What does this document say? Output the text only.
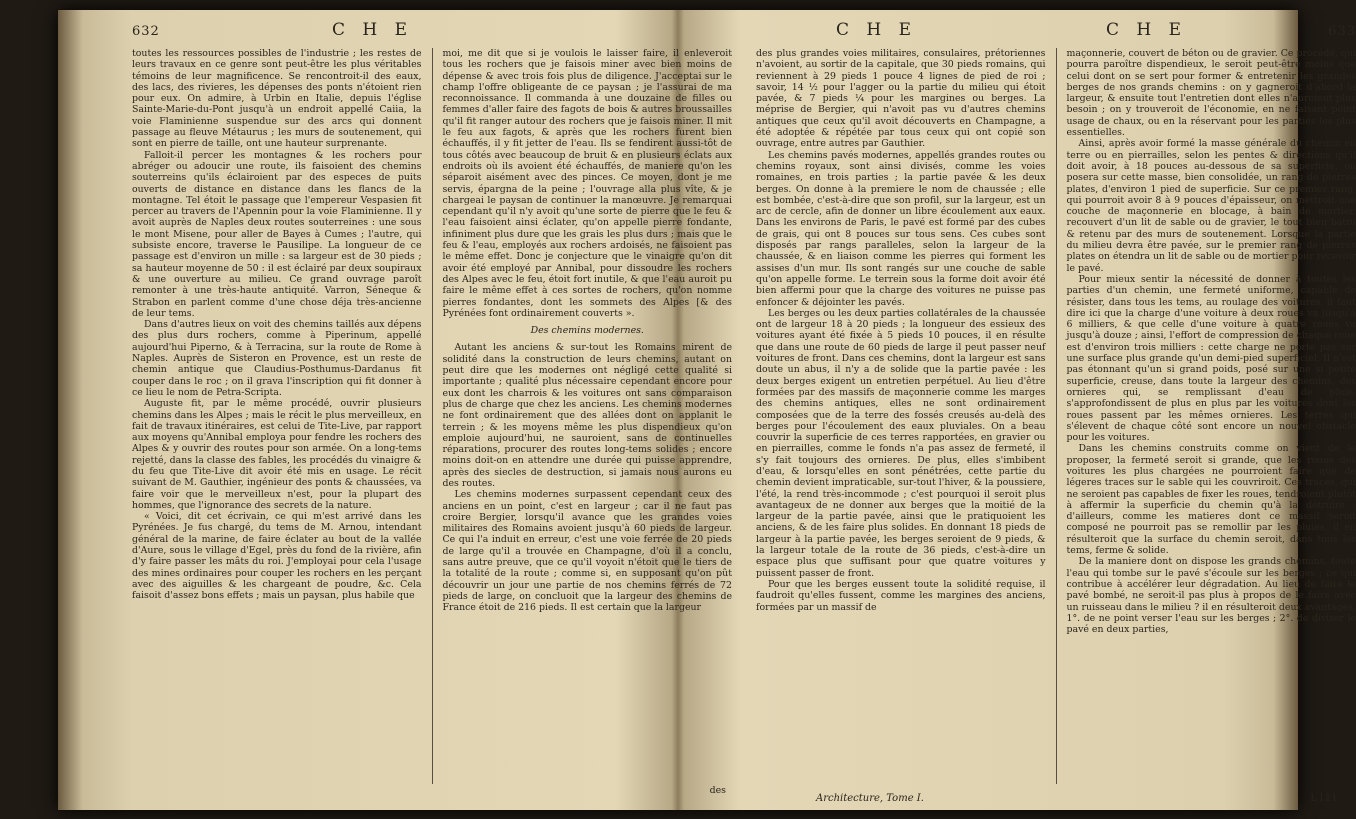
632	C H E

toutes les ressources possibles de l'industrie ; les restes de leurs travaux en ce genre sont peut-être les plus véritables témoins de leur magnificence. Se rencontroit-il des eaux, des lacs, des rivieres, les dépenses des ponts n'étoient rien pour eux. On admire, à Urbin en Italie, depuis l'église Sainte-Marie-du-Pont jusqu'à un endroit appellé Caiia, la voie Flaminienne suspendue sur des arcs qui donnent passage au fleuve Métaurus ; les murs de soutenement, qui sont en pierre de taille, ont une hauteur surprenante.

Falloit-il percer les montagnes & les rochers pour abréger ou adoucir une route, ils faisoient des chemins souterreins qu'ils éclairoient par des especes de puits ouverts de distance en distance dans les flancs de la montagne. Tel étoit le passage que l'empereur Vespasien fit percer au travers de l'Apennin pour la voie Flaminienne. Il y avoit auprès de Naples deux routes souterreines : une sous le mont Misene, pour aller de Bayes à Cumes ; l'autre, qui subsiste encore, traverse le Pausilipe. La longueur de ce passage est d'environ un mille : sa largeur est de 30 pieds ; sa hauteur moyenne de 50 : il est éclairé par deux soupiraux & une ouverture au milieu. Ce grand ouvrage paroît remonter à une très-haute antiquité. Varron, Séneque & Strabon en parlent comme d'une chose déja très-ancienne de leur tems.

Dans d'autres lieux on voit des chemins taillés aux dépens des plus durs rochers, comme à Piperinum, appellé aujourd'hui Piperno, & à Terracina, sur la route de Rome à Naples. Auprès de Sisteron en Provence, est un reste de chemin antique que Claudius-Posthumus-Dardanus fit couper dans le roc ; on il grava l'inscription qui fit donner à ce lieu le nom de Petra-Scripta.

Auguste fit, par le même procédé, ouvrir plusieurs chemins dans les Alpes ; mais le récit le plus merveilleux, en fait de travaux itinéraires, est celui de Tite-Live, par rapport aux moyens qu'Annibal employa pour fendre les rochers des Alpes & y ouvrir des routes pour son armée. On a long-tems rejetté, dans la classe des fables, les procédés du vinaigre & du feu que Tite-Live dit avoir été mis en usage. Le récit suivant de M. Gauthier, ingénieur des ponts & chaussées, va faire voir que le merveilleux n'est, pour la plupart des hommes, que l'ignorance des secrets de la nature.

« Voici, dit cet écrivain, ce qui m'est arrivé dans les Pyrénées. Je fus chargé, du tems de M. Arnou, intendant général de la marine, de faire éclater au bout de la vallée d'Aure, sous le village d'Egel, près du fond de la rivière, afin d'y faire passer les mâts du roi. J'employai pour cela l'usage des mines ordinaires pour couper les rochers en les perçant avec des aiguilles & les chargeant de poudre, &c. Cela faisoit d'assez bons effets ; mais un paysan, plus habile que

moi, me dit que si je voulois le laisser faire, il enleveroit tous les rochers que je faisois miner avec bien moins de dépense & avec trois fois plus de diligence. J'acceptai sur le champ l'offre obligeante de ce paysan ; je l'assurai de ma reconnoissance. Il commanda à une douzaine de filles ou femmes d'aller faire des fagots de bois & autres broussailles qu'il fit ranger autour des rochers que je faisois miner. Il mit le feu aux fagots, & après que les rochers furent bien échauffés, il y fit jetter de l'eau. Ils se fendirent aussi-tôt de tous côtés avec beaucoup de bruit & en plusieurs éclats aux endroits où ils avoient été échauffés, de maniere qu'on les séparoit aisément avec des pinces. Ce moyen, dont je me servis, épargna de la peine ; l'ouvrage alla plus vîte, & je chargeai le paysan de continuer la manœuvre. Je remarquai cependant qu'il n'y avoit qu'une sorte de pierre que le feu & l'eau faisoient ainsi éclater, qu'on appelle pierre fondante, infiniment plus dure que les grais les plus durs ; mais que le feu & l'eau, employés aux rochers ardoisés, ne faisoient pas le même effet. Donc je conjecture que le vinaigre qu'on dit avoir été employé par Annibal, pour dissoudre les rochers des Alpes avec le feu, étoit fort inutile, & que l'eau auroit pu faire le même effet à ces sortes de rochers, qu'on nomme pierres fondantes, dont les sommets des Alpes [& des Pyrénées font ordinairement couverts ».

Des chemins modernes.

Autant les anciens & sur-tout les Romains mirent de solidité dans la construction de leurs chemins, autant on peut dire que les modernes ont négligé cette qualité si importante ; qualité plus nécessaire cependant encore pour eux dont les charrois & les voitures ont sans comparaison plus de charge que chez les anciens. Les chemins modernes ne font ordinairement que des allées dont on applanit le terrein ; & les moyens même les plus dispendieux qu'on emploie aujourd'hui, ne sauroient, sans de continuelles réparations, procurer des routes long-tems solides ; encore moins doit-on en attendre une durée qui puisse apprendre, après des siecles de destruction, si jamais nous aurons eu des routes.

Les chemins modernes surpassent cependant ceux des anciens en un point, c'est en largeur ; car il ne faut pas croire Bergier, lorsqu'il avance que les grandes voies militaires des Romains avoient jusqu'à 60 pieds de largeur. Ce qui l'a induit en erreur, c'est une voie ferrée de 20 pieds de large qu'il a trouvée en Champagne, d'où il a conclu, sans autre preuve, que ce qu'il voyoit n'étoit que le tiers de la totalité de la route ; comme si, en supposant qu'on pût découvrir un jour une partie de nos chemins ferrés de 72 pieds de large, on concluoit que la largeur des chemins de France étoit de 216 pieds. Il est certain que la largeur

des
C H E	C H E	633

des plus grandes voies militaires, consulaires, prétoriennes n'avoient, au sortir de la capitale, que 30 pieds romains, qui reviennent à 29 pieds 1 pouce 4 lignes de pied de roi ; savoir, 14 ½ pour l'agger ou la partie du milieu qui étoit pavée, & 7 pieds ¼ pour les margines ou berges. La méprise de Bergier, qui n'avoit pas vu d'autres chemins antiques que ceux qu'il avoit découverts en Champagne, a été adoptée & répétée par tous ceux qui ont copié son ouvrage, entre autres par Gauthier.

Les chemins pavés modernes, appellés grandes routes ou chemins royaux, sont ainsi divisés, comme les voies romaines, en trois parties ; la partie pavée & les deux berges. On donne à la premiere le nom de chaussée ; elle est bombée, c'est-à-dire que son profil, sur la largeur, est un arc de cercle, afin de donner un libre écoulement aux eaux. Dans les environs de Paris, le pavé est formé par des cubes de grais, qui ont 8 pouces sur tous sens. Ces cubes sont disposés par rangs paralleles, selon la largeur de la chaussée, & en liaison comme les pierres qui forment les assises d'un mur. Ils sont rangés sur une couche de sable qu'on appelle forme. Le terrein sous la forme doit avoir été bien affermi pour que la charge des voitures ne puisse pas enfoncer & déjointer les pavés.

Les berges ou les deux parties collatérales de la chaussée ont de largeur 18 à 20 pieds ; la longueur des essieux des voitures ayant été fixée à 5 pieds 10 pouces, il en résulte que dans une route de 60 pieds de large il peut passer neuf voitures de front. Dans ces chemins, dont la largeur est sans doute un abus, il n'y a de solide que la partie pavée : les deux berges exigent un entretien perpétuel. Au lieu d'être formées par des massifs de maçonnerie comme les marges des chemins antiques, elles ne sont ordinairement composées que de la terre des fossés creusés au-delà des berges pour l'écoulement des eaux pluviales. On a beau couvrir la superficie de ces terres rapportées, en gravier ou en pierrailles, comme le fonds n'a pas assez de fermeté, il s'y fait toujours des ornieres. De plus, elles s'imbibent d'eau, & lorsqu'elles en sont pénétrées, cette partie du chemin devient impraticable, sur-tout l'hiver, & la poussiere, l'été, la rend très-incommode ; c'est pourquoi il seroit plus avantageux de ne donner aux berges que la moitié de la largeur de la partie pavée, ainsi que le pratiquoient les anciens, & de les faire plus solides. En donnant 18 pieds de largeur à la partie pavée, les berges seroient de 9 pieds, & la largeur totale de la route de 36 pieds, c'est-à-dire un espace plus que suffisant pour que quatre voitures y puissent passer de front.

Pour que les berges eussent toute la solidité requise, il faudroit qu'elles fussent, comme les margines des anciens, formées par un massif de

maçonnerie, couvert de béton ou de gravier. Ce procédé, qui pourra paroître dispendieux, le seroit peut-être moins que celui dont on se sert pour former & entretenir les grandes berges de nos grands chemins : on y gagneroit d'abord la largeur, & ensuite tout l'entretien dont elles n'auroient plus besoin ; on y trouveroit de l'économie, en ne faisant point usage de chaux, ou en la réservant pour les parties les plus essentielles.

Ainsi, après avoir formé la masse générale du chemin en terre ou en pierrailles, selon les pentes & directions qu'il doit avoir, à 18 pouces au-dessous de sa superficie, on posera sur cette masse, bien consolidée, un rang de pierres plates, d'environ 1 pied de superficie. Sur ce premier rang, qui pourroit avoir 8 à 9 pouces d'épaisseur, on mettroit une couche de maçonnerie en blocage, à bain de mortier, recouvert d'un lit de sable ou de gravier, le tout bien battu & retenu par des murs de soutenement. Lorsque la partie du milieu devra être pavée, sur le premier rang de pierres plates on étendra un lit de sable ou de mortier pour recevoir le pavé.

Pour mieux sentir la nécessité de donner à toutes les parties d'un chemin, une fermeté uniforme, capable de résister, dans tous les tems, au roulage des voitures, il faut dire ici que la charge d'une voiture à deux roues va jusqu'à 6 milliers, & que celle d'une voiture à quatre roues va jusqu'à douze ; ainsi, l'effort de compression de chaque roue est d'environ trois milliers : cette charge ne porte pas sur une surface plus grande qu'un demi-pied superficiel. Il n'est pas étonnant qu'un si grand poids, posé sur une si petite superficie, creuse, dans toute la largeur des chemins, des ornieres qui, se remplissant d'eau de pluie, s'approfondissent de plus en plus par les voitures dont les roues passent par les mêmes ornieres. Les terres qui s'élevent de chaque côté sont encore un nouvel obstacle pour les voitures.

Dans les chemins construits comme on vient de le proposer, la fermeté seroit si grande, que les roues des voitures les plus chargées ne pourroient faire que de légeres traces sur le sable qui les couvriroit. Ces traces, qui ne seroient pas capables de fixer les roues, tendroient plutôt à affermir la superficie du chemin qu'à la détruire ; d'ailleurs, comme les matieres dont ce massif seroit composé ne pourroit pas se remollir par les pluies, il en résulteroit que la surface du chemin seroit, dans tous les tems, ferme & solide.

De la maniere dont on dispose les grands chemins, toute l'eau qui tombe sur le pavé s'écoule sur les berges ; ce qui contribue à accélérer leur dégradation. Au lieu de faire le pavé bombé, ne seroit-il pas plus à propos de le faire avec un ruisseau dans le milieu ? il en résulteroit deux avantages, 1°. de ne point verser l'eau sur les berges ; 2°. de diviser le pavé en deux parties,

Architecture, Tome I.	L l l l
